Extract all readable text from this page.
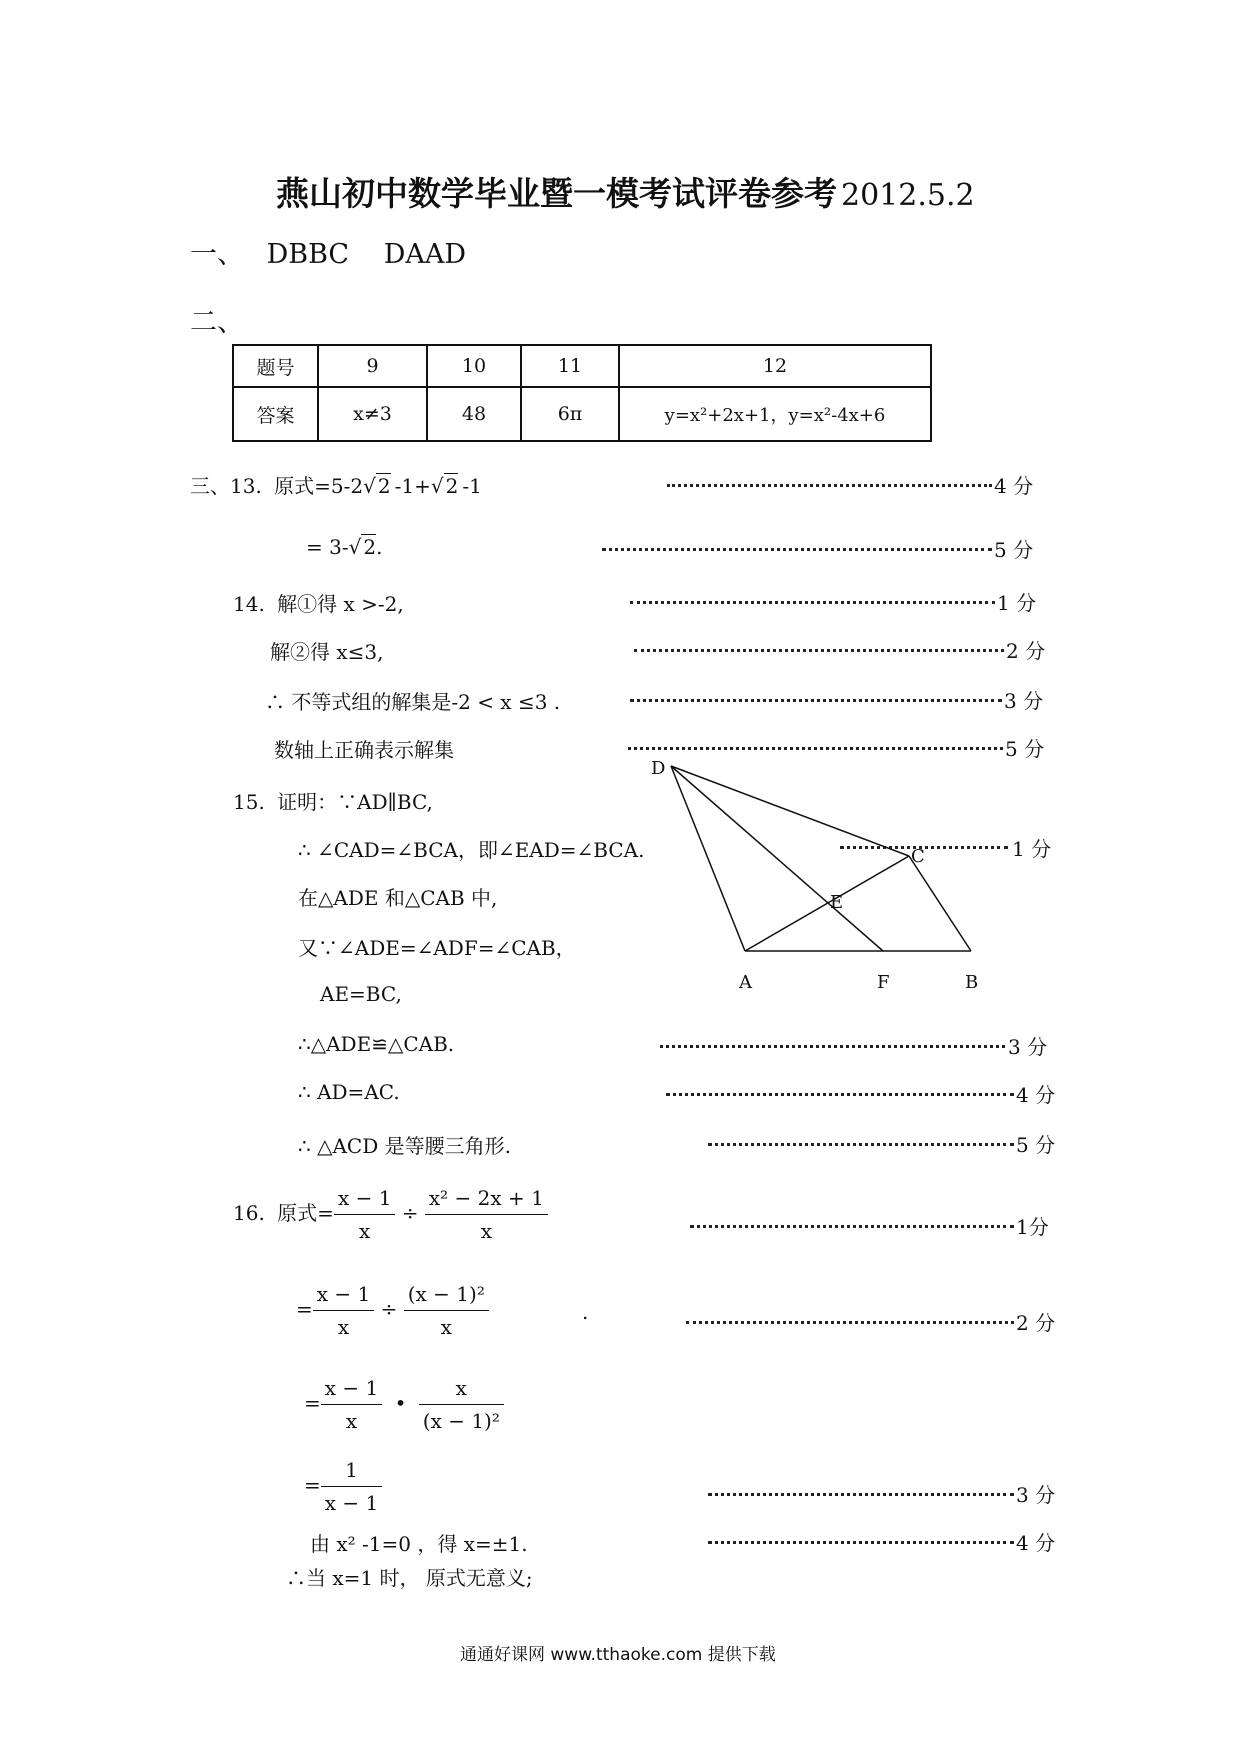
燕山初中数学毕业暨一模考试评卷参考 2012.5.2
一、 DBBC DAAD
二、
题号	9	10	11	12
答案	x≠3	48	6π	y=x²+2x+1，y=x²-4x+6
三、13. 原式=5-2√ 2 -1+√ 2 -1	4 分
= 3-√ 2.	5 分
14. 解①得 x >-2,	1 分
解②得 x≤3,	2 分
∴ 不等式组的解集是-2 < x ≤3 .	3 分
数轴上正确表示解集	5 分
15. 证明：∵AD∥BC,
∴ ∠CAD=∠BCA，即∠EAD=∠BCA.	1 分
在△ADE 和△CAB 中,
又∵∠ADE=∠ADF=∠CAB，
AE=BC,
D
C
E
A	F	B
∴△ADE≌△CAB.	3 分
∴ AD=AC.	4 分
∴ △ACD 是等腰三角形.	5 分
16. 原式= $\frac{x - 1}{x} \div \frac{\text{x² − 2x + 1}}{x}$	1分
= $\frac{x - 1}{x} \div \frac{\text{(x − 1)²}}{x}$	.	2 分
= $\frac{x - 1}{x}$ • $\frac{x}{\text{(x − 1)²}}$
= $\frac{1}{x - 1}$	3 分
由 x² -1=0 ，得 x=±1.	4 分
∴当 x=1 时， 原式无意义;
通通好课网 www.tthaoke.com 提供下载
